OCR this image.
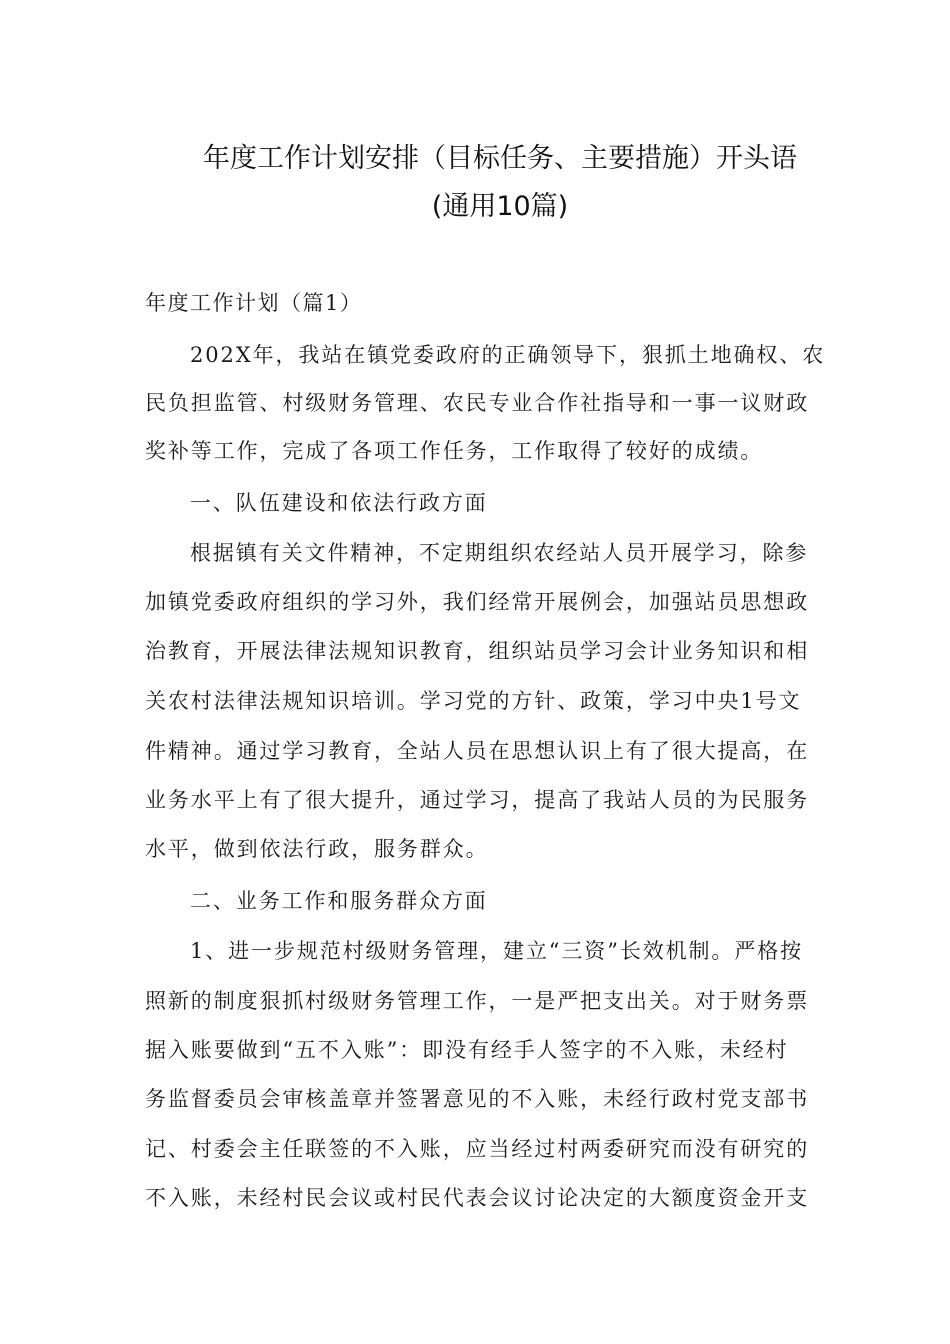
年度工作计划安排（目标任务、主要措施）开头语
(通用10篇)
年度工作计划（篇1）
202X年，我站在镇党委政府的正确领导下，狠抓土地确权、农
民负担监管、村级财务管理、农民专业合作社指导和一事一议财政
奖补等工作，完成了各项工作任务，工作取得了较好的成绩。
一、队伍建设和依法行政方面
根据镇有关文件精神，不定期组织农经站人员开展学习，除参
加镇党委政府组织的学习外，我们经常开展例会，加强站员思想政
治教育，开展法律法规知识教育，组织站员学习会计业务知识和相
关农村法律法规知识培训。学习党的方针、政策，学习中央1号文
件精神。通过学习教育，全站人员在思想认识上有了很大提高，在
业务水平上有了很大提升，通过学习，提高了我站人员的为民服务
水平，做到依法行政，服务群众。
二、业务工作和服务群众方面
1、进一步规范村级财务管理，建立“三资”长效机制。严格按
照新的制度狠抓村级财务管理工作，一是严把支出关。对于财务票
据入账要做到“五不入账”：即没有经手人签字的不入账，未经村
务监督委员会审核盖章并签署意见的不入账，未经行政村党支部书
记、村委会主任联签的不入账，应当经过村两委研究而没有研究的
不入账，未经村民会议或村民代表会议讨论决定的大额度资金开支
